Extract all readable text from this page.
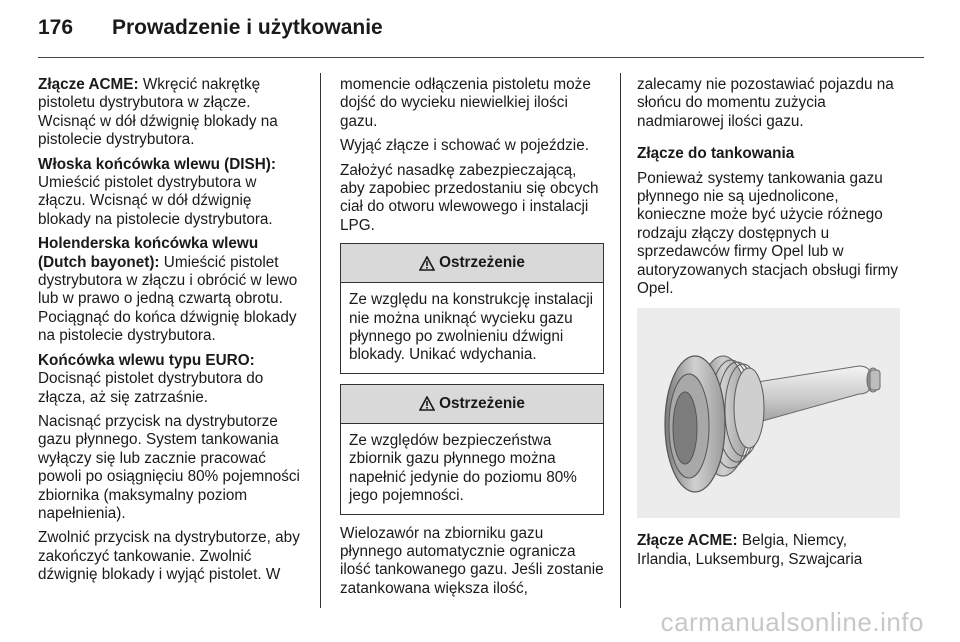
176	Prowadzenie i użytkowanie

Złącze ACME: Wkręcić nakrętkę pistoletu dystrybutora w złącze. Wcisnąć w dół dźwignię blokady na pistolecie dystrybutora.

Włoska końcówka wlewu (DISH): Umieścić pistolet dystrybutora w złączu. Wcisnąć w dół dźwignię blokady na pistolecie dystrybutora.

Holenderska końcówka wlewu (Dutch bayonet): Umieścić pistolet dystrybutora w złączu i obrócić w lewo lub w prawo o jedną czwartą obrotu. Pociągnąć do końca dźwignię blokady na pistolecie dystrybutora.

Końcówka wlewu typu EURO: Docisnąć pistolet dystrybutora do złącza, aż się zatrzaśnie.

Nacisnąć przycisk na dystrybutorze gazu płynnego. System tankowania wyłączy się lub zacznie pracować powoli po osiągnięciu 80% pojemności zbiornika (maksymalny poziom napełnienia).

Zwolnić przycisk na dystrybutorze, aby zakończyć tankowanie. Zwolnić dźwignię blokady i wyjąć pistolet. W

momencie odłączenia pistoletu może dojść do wycieku niewielkiej ilości gazu.

Wyjąć złącze i schować w pojeździe.

Założyć nasadkę zabezpieczającą, aby zapobiec przedostaniu się obcych ciał do otworu wlewowego i instalacji LPG.

Ostrzeżenie
Ze względu na konstrukcję instalacji nie można uniknąć wycieku gazu płynnego po zwolnieniu dźwigni blokady. Unikać wdychania.
Ostrzeżenie
Ze względów bezpieczeństwa zbiornik gazu płynnego można napełnić jedynie do poziomu 80% jego pojemności.

Wielozawór na zbiorniku gazu płynnego automatycznie ogranicza ilość tankowanego gazu. Jeśli zostanie zatankowana większa ilość,

zalecamy nie pozostawiać pojazdu na słońcu do momentu zużycia nadmiarowej ilości gazu.

Złącze do tankowania

Ponieważ systemy tankowania gazu płynnego nie są ujednolicone, konieczne może być użycie różnego rodzaju złączy dostępnych u sprzedawców firmy Opel lub w autoryzowanych stacjach obsługi firmy Opel.

Złącze ACME: Belgia, Niemcy, Irlandia, Luksemburg, Szwajcaria

carmanualsonline.info
